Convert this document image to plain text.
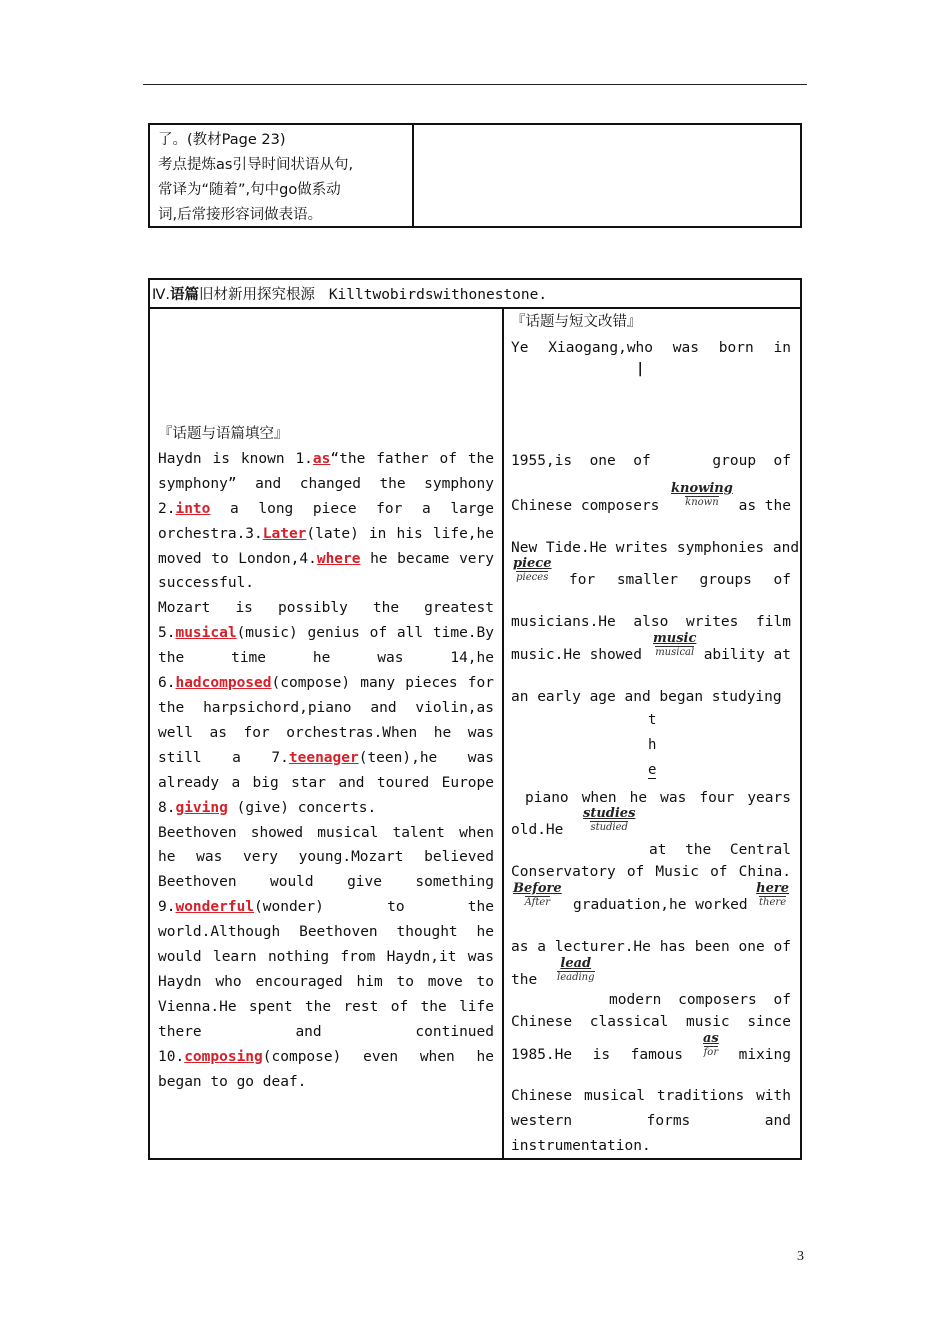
了。(教材Page 23)
考点提炼as引导时间状语从句,
常译为“随着”,句中go做系动
词,后常接形容词做表语。
Ⅳ.语篇旧材新用探究根源 Killtwobirdswithonestone.

『话题与语篇填空』

Haydn is known 1.as“the father of the symphony” and changed the symphony 2.into a long piece for a large orchestra.3.Later(late) in his life,he moved to London,4.where he became very successful.

Mozart is possibly the greatest 5.musical(music) genius of all time.By the time he was 14,he 6.hadcomposed(compose) many pieces for the harpsichord,piano and violin,as well as for orchestras.When he was still a 7.teenager(teen),he was already a big star and toured Europe 8.giving (give) concerts.

Beethoven showed musical talent when he was very young.Mozart believed Beethoven would give something 9.wonderful(wonder) to the world.Although Beethoven thought he would learn nothing from Haydn,it was Haydn who encouraged him to move to Vienna.He spent the rest of the life there and continued 10.composing(compose) even when he began to go deaf.

『话题与短文改错』
Ye Xiaogang,who was born in
|
1955,is one of	group of
Chinese composers
knowing
known as the
New Tide.He writes symphonies and
piece
pieces for smaller groups of
musicians.He also writes film
music.He showed
music
musical ability at
an early age and began studying
t
h
e
piano when he was four years
old.He
studies
studied
at the Central
Conservatory of Music of China.
Before
After graduation,he worked
here
there
as a lecturer.He has been one of
the
lead
leading
modern composers of
Chinese classical music since
1985.He is famous
as
for mixing
Chinese musical traditions with
western	forms	and
instrumentation.
3
